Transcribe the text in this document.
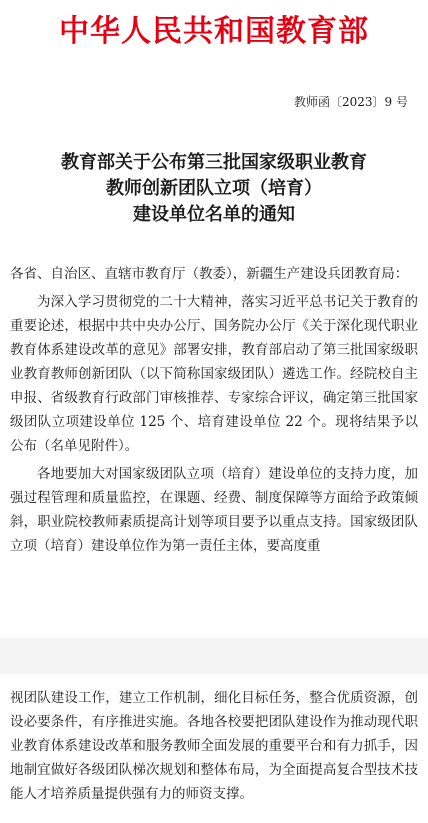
中华人民共和国教育部
教师函〔2023〕9 号
教育部关于公布第三批国家级职业教育
教师创新团队立项（培育）
建设单位名单的通知

各省、自治区、直辖市教育厅（教委），新疆生产建设兵团教育局：

为深入学习贯彻党的二十大精神，落实习近平总书记关于教育的重要论述，根据中共中央办公厅、国务院办公厅《关于深化现代职业教育体系建设改革的意见》部署安排，教育部启动了第三批国家级职业教育教师创新团队（以下简称国家级团队）遴选工作。经院校自主申报、省级教育行政部门审核推荐、专家综合评议，确定第三批国家级团队立项建设单位 125 个、培育建设单位 22 个。现将结果予以公布（名单见附件）。

各地要加大对国家级团队立项（培育）建设单位的支持力度，加强过程管理和质量监控，在课题、经费、制度保障等方面给予政策倾斜，职业院校教师素质提高计划等项目要予以重点支持。国家级团队立项（培育）建设单位作为第一责任主体，要高度重

视团队建设工作，建立工作机制，细化目标任务，整合优质资源，创设必要条件，有序推进实施。各地各校要把团队建设作为推动现代职业教育体系建设改革和服务教师全面发展的重要平台和有力抓手，因地制宜做好各级团队梯次规划和整体布局，为全面提高复合型技术技能人才培养质量提供强有力的师资支撑。
